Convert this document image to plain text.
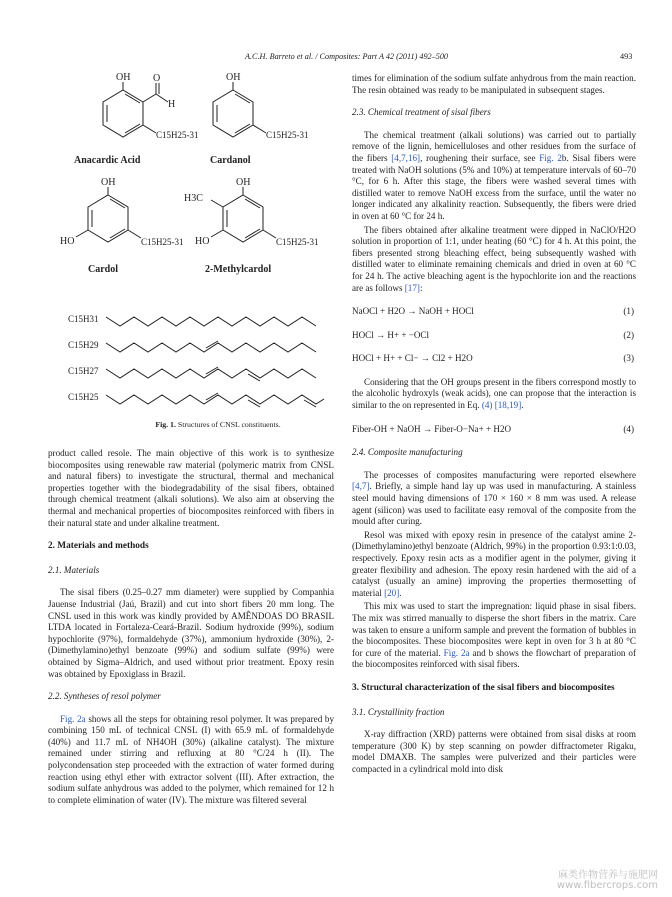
A.C.H. Barreto et al. / Composites: Part A 42 (2011) 492–500	493
OH O
H
C15H25-31
Anacardic Acid
OH
C15H25-31
Cardanol
OH
HO	C15H25-31
Cardol
OH
H3C
HO	C15H25-31
2-Methylcardol
C15H31
C15H29
C15H27
C15H25
Fig. 1. Structures of CNSL constituents.

product called resole. The main objective of this work is to synthesize biocomposites using renewable raw material (polymeric matrix from CNSL and natural fibers) to investigate the structural, thermal and mechanical properties together with the biodegradability of the sisal fibers, obtained through chemical treatment (alkali solutions). We also aim at observing the thermal and mechanical properties of biocomposites reinforced with fibers in their natural state and under alkaline treatment.

2. Materials and methods
2.1. Materials

The sisal fibers (0.25–0.27 mm diameter) were supplied by Companhia Jauense Industrial (Jaú, Brazil) and cut into short fibers 20 mm long. The CNSL used in this work was kindly provided by AMÊNDOAS DO BRASIL LTDA located in Fortaleza-Ceará-Brazil. Sodium hydroxide (99%), sodium hypochlorite (97%), formaldehyde (37%), ammonium hydroxide (30%), 2-(Dimethylamino)ethyl benzoate (99%) and sodium sulfate (99%) were obtained by Sigma–Aldrich, and used without prior treatment. Epoxy resin was obtained by Epoxiglass in Brazil.

2.2. Syntheses of resol polymer

Fig. 2a shows all the steps for obtaining resol polymer. It was prepared by combining 150 mL of technical CNSL (I) with 65.9 mL of formaldehyde (40%) and 11.7 mL of NH4OH (30%) (alkaline catalyst). The mixture remained under stirring and refluxing at 80 °C/24 h (II). The polycondensation step proceeded with the extraction of water formed during reaction using ethyl ether with extractor solvent (III). After extraction, the sodium sulfate anhydrous was added to the polymer, which remained for 12 h to complete elimination of water (IV). The mixture was filtered several

times for elimination of the sodium sulfate anhydrous from the main reaction. The resin obtained was ready to be manipulated in subsequent stages.

2.3. Chemical treatment of sisal fibers

The chemical treatment (alkali solutions) was carried out to partially remove of the lignin, hemicelluloses and other residues from the surface of the fibers [4,7,16], roughening their surface, see Fig. 2b. Sisal fibers were treated with NaOH solutions (5% and 10%) at temperature intervals of 60–70 °C, for 6 h. After this stage, the fibers were washed several times with distilled water to remove NaOH excess from the surface, until the water no longer indicated any alkalinity reaction. Subsequently, the fibers were dried in oven at 60 °C for 24 h.

The fibers obtained after alkaline treatment were dipped in NaClO/H2O solution in proportion of 1:1, under heating (60 °C) for 4 h. At this point, the fibers presented strong bleaching effect, being subsequently washed with distilled water to eliminate remaining chemicals and dried in oven at 60 °C for 24 h. The active bleaching agent is the hypochlorite ion and the reactions are as follows [17]:

NaOCl + H2O → NaOH + HOCl	(1)
HOCl → H+ + −OCl	(2)
HOCl + H+ + Cl− → Cl2 + H2O	(3)

Considering that the OH groups present in the fibers correspond mostly to the alcoholic hydroxyls (weak acids), one can propose that the interaction is similar to the on represented in Eq. (4) [18,19].

Fiber-OH + NaOH → Fiber-O−Na+ + H2O	(4)
2.4. Composite manufacturing

The processes of composites manufacturing were reported elsewhere [4,7]. Briefly, a simple hand lay up was used in manufacturing. A stainless steel mould having dimensions of 170 × 160 × 8 mm was used. A release agent (silicon) was used to facilitate easy removal of the composite from the mould after curing.

Resol was mixed with epoxy resin in presence of the catalyst amine 2-(Dimethylamino)ethyl benzoate (Aldrich, 99%) in the proportion 0.93:1:0.03, respectively. Epoxy resin acts as a modifier agent in the polymer, giving it greater flexibility and adhesion. The epoxy resin hardened with the aid of a catalyst (usually an amine) improving the properties thermosetting of material [20].

This mix was used to start the impregnation: liquid phase in sisal fibers. The mix was stirred manually to disperse the short fibers in the matrix. Care was taken to ensure a uniform sample and prevent the formation of bubbles in the biocomposites. These biocomposites were kept in oven for 3 h at 80 °C for cure of the material. Fig. 2a and b shows the flowchart of preparation of the biocomposites reinforced with sisal fibers.

3. Structural characterization of the sisal fibers and biocomposites
3.1. Crystallinity fraction

X-ray diffraction (XRD) patterns were obtained from sisal disks at room temperature (300 K) by step scanning on powder diffractometer Rigaku, model DMAXB. The samples were pulverized and their particles were compacted in a cylindrical mold into disk

麻类作物营养与施肥网
www.fibercrops.com
